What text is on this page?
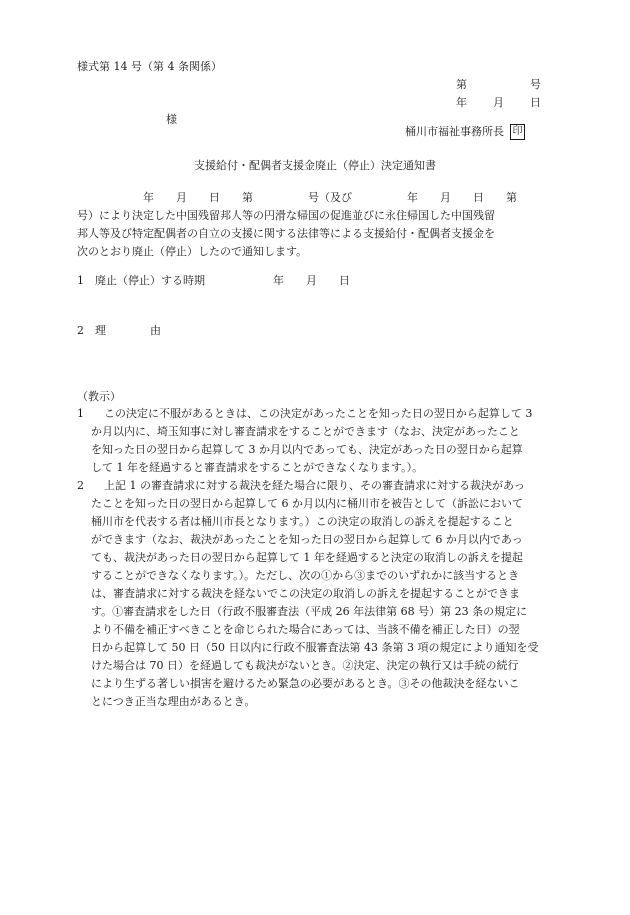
様式第 14 号（第 4 条関係）
第	号
年 月 日
様
桶川市福祉事務所長 印
支援給付・配偶者支援金廃止（停止）決定通知書
年　　月　　日　　第　　　　　号（及び　　　　　年　　月　　日　　第
号）により決定した中国残留邦人等の円滑な帰国の促進並びに永住帰国した中国残留
邦人等及び特定配偶者の自立の支援に関する法律等による支援給付・配偶者支援金を
次のとおり廃止（停止）したので通知します。
1　廃止（停止）する時期	年　　月　　日
2　理　　　　由
（教示）
1	この決定に不服があるときは、この決定があったことを知った日の翌日から起算して 3
か月以内に、埼玉知事に対し審査請求をすることができます（なお、決定があったこと
を知った日の翌日から起算して 3 か月以内であっても、決定があった日の翌日から起算
して 1 年を経過すると審査請求をすることができなくなります。）。
2	上記 1 の審査請求に対する裁決を経た場合に限り、その審査請求に対する裁決があっ
たことを知った日の翌日から起算して 6 か月以内に桶川市を被告として（訴訟において
桶川市を代表する者は桶川市長となります。）この決定の取消しの訴えを提起すること
ができます（なお、裁決があったことを知った日の翌日から起算して 6 か月以内であっ
ても、裁決があった日の翌日から起算して 1 年を経過すると決定の取消しの訴えを提起
することができなくなります。）。ただし、次の①から③までのいずれかに該当するとき
は、審査請求に対する裁決を経ないでこの決定の取消しの訴えを提起することができま
す。①審査請求をした日（行政不服審査法（平成 26 年法律第 68 号）第 23 条の規定に
より不備を補正すべきことを命じられた場合にあっては、当該不備を補正した日）の翌
日から起算して 50 日（50 日以内に行政不服審査法第 43 条第 3 項の規定により通知を受
けた場合は 70 日）を経過しても裁決がないとき。②決定、決定の執行又は手続の続行
により生ずる著しい損害を避けるため緊急の必要があるとき。③その他裁決を経ないこ
とにつき正当な理由があるとき。
